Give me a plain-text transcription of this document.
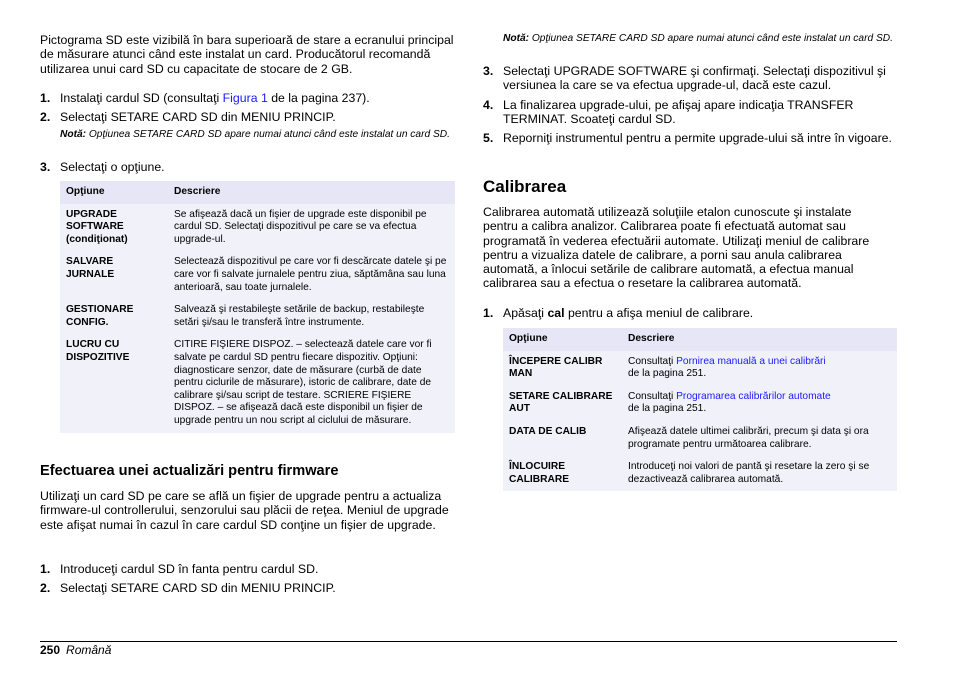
Pictograma SD este vizibilă în bara superioară de stare a ecranului principal de măsurare atunci când este instalat un card. Producătorul recomandă utilizarea unui card SD cu capacitate de stocare de 2 GB.

1. Instalaţi cardul SD (consultaţi Figura 1 de la pagina 237).
2. Selectaţi SETARE CARD SD din MENIU PRINCIP.

Notă: Opţiunea SETARE CARD SD apare numai atunci când este instalat un card SD.

3. Selectaţi o opţiune.
Opţiune	Descriere
UPGRADE SOFTWARE (condiţionat)	Se afişează dacă un fişier de upgrade este disponibil pe cardul SD. Selectaţi dispozitivul pe care se va efectua upgrade-ul.
SALVARE JURNALE	Selectează dispozitivul pe care vor fi descărcate datele şi pe care vor fi salvate jurnalele pentru ziua, săptămâna sau luna anterioară, sau toate jurnalele.
GESTIONARE CONFIG.	Salvează şi restabileşte setările de backup, restabileşte setări şi/sau le transferă între instrumente.
LUCRU CU DISPOZITIVE	CITIRE FIŞIERE DISPOZ. – selectează datele care vor fi salvate pe cardul SD pentru fiecare dispozitiv. Opţiuni: diagnosticare senzor, date de măsurare (curbă de date pentru ciclurile de măsurare), istoric de calibrare, date de calibrare şi/sau script de testare. SCRIERE FIŞIERE DISPOZ. – se afişează dacă este disponibil un fişier de upgrade pentru un nou script al ciclului de măsurare.
Efectuarea unei actualizări pentru firmware

Utilizaţi un card SD pe care se află un fişier de upgrade pentru a actualiza firmware-ul controllerului, senzorului sau plăcii de reţea. Meniul de upgrade este afişat numai în cazul în care cardul SD conţine un fişier de upgrade.

1. Introduceţi cardul SD în fanta pentru cardul SD.
2. Selectaţi SETARE CARD SD din MENIU PRINCIP.

Notă: Opţiunea SETARE CARD SD apare numai atunci când este instalat un card SD.

3. Selectaţi UPGRADE SOFTWARE şi confirmaţi. Selectaţi dispozitivul şi versiunea la care se va efectua upgrade-ul, dacă este cazul.
4. La finalizarea upgrade-ului, pe afişaj apare indicaţia TRANSFER TERMINAT. Scoateţi cardul SD.
5. Reporniţi instrumentul pentru a permite upgrade-ului să intre în vigoare.
Calibrarea

Calibrarea automată utilizează soluţiile etalon cunoscute şi instalate pentru a calibra analizor. Calibrarea poate fi efectuată automat sau programată în vederea efectuării automate. Utilizaţi meniul de calibrare pentru a vizualiza datele de calibrare, a porni sau anula calibrarea automată, a înlocui setările de calibrare automată, a efectua manual calibrarea sau a efectua o resetare la calibrarea automată.

1. Apăsaţi cal pentru a afişa meniul de calibrare.
Opţiune	Descriere
ÎNCEPERE CALIBR MAN	Consultaţi Pornirea manuală a unei calibrări
de la pagina 251.
SETARE CALIBRARE AUT	Consultaţi Programarea calibrărilor automate
de la pagina 251.
DATA DE CALIB	Afişează datele ultimei calibrări, precum şi data şi ora programate pentru următoarea calibrare.
ÎNLOCUIRE CALIBRARE	Introduceţi noi valori de pantă şi resetare la zero şi se dezactivează calibrarea automată.
250 Română
